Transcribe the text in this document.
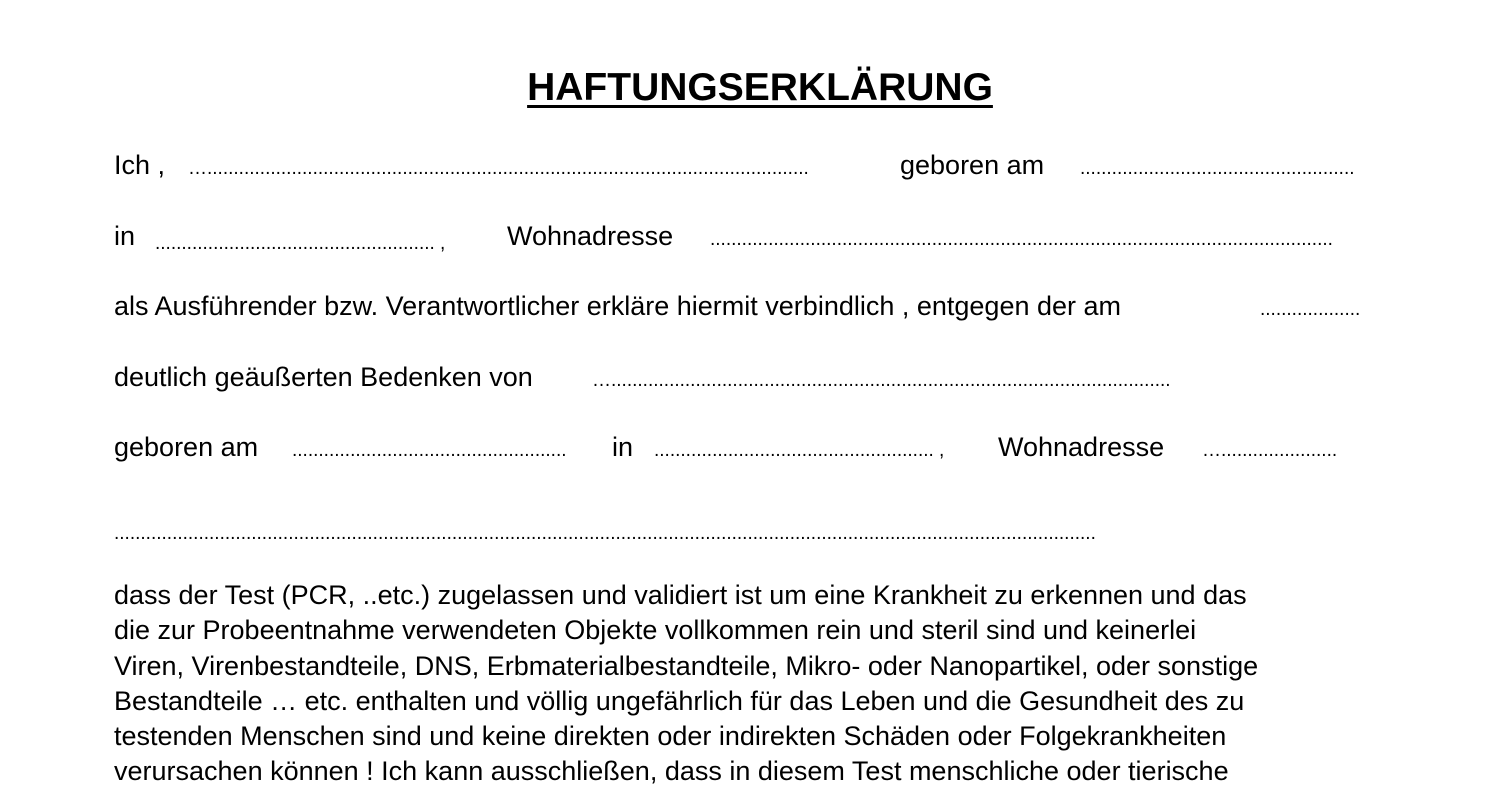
HAFTUNGSERKLÄRUNG
Ich , …..................................................................................................................	geboren am ....................................................
in ..................................................... ,	Wohnadresse ......................................................................................................................
als Ausführender bzw. Verantwortlicher erkläre hiermit verbindlich , entgegen der am	...................
deutlich geäußerten Bedenken von	…..........................................................................................................
geboren am ....................................................	in ..................................................... ,	Wohnadresse …......................
..........................................................................................................................................................................................
dass der Test (PCR, ..etc.) zugelassen und validiert ist um eine Krankheit zu erkennen und das
die zur Probeentnahme verwendeten Objekte vollkommen rein und steril sind und keinerlei
Viren, Virenbestandteile, DNS, Erbmaterialbestandteile, Mikro- oder Nanopartikel, oder sonstige
Bestandteile … etc. enthalten und völlig ungefährlich für das Leben und die Gesundheit des zu
testenden Menschen sind und keine direkten oder indirekten Schäden oder Folgekrankheiten
verursachen können ! Ich kann ausschließen, dass in diesem Test menschliche oder tierische
